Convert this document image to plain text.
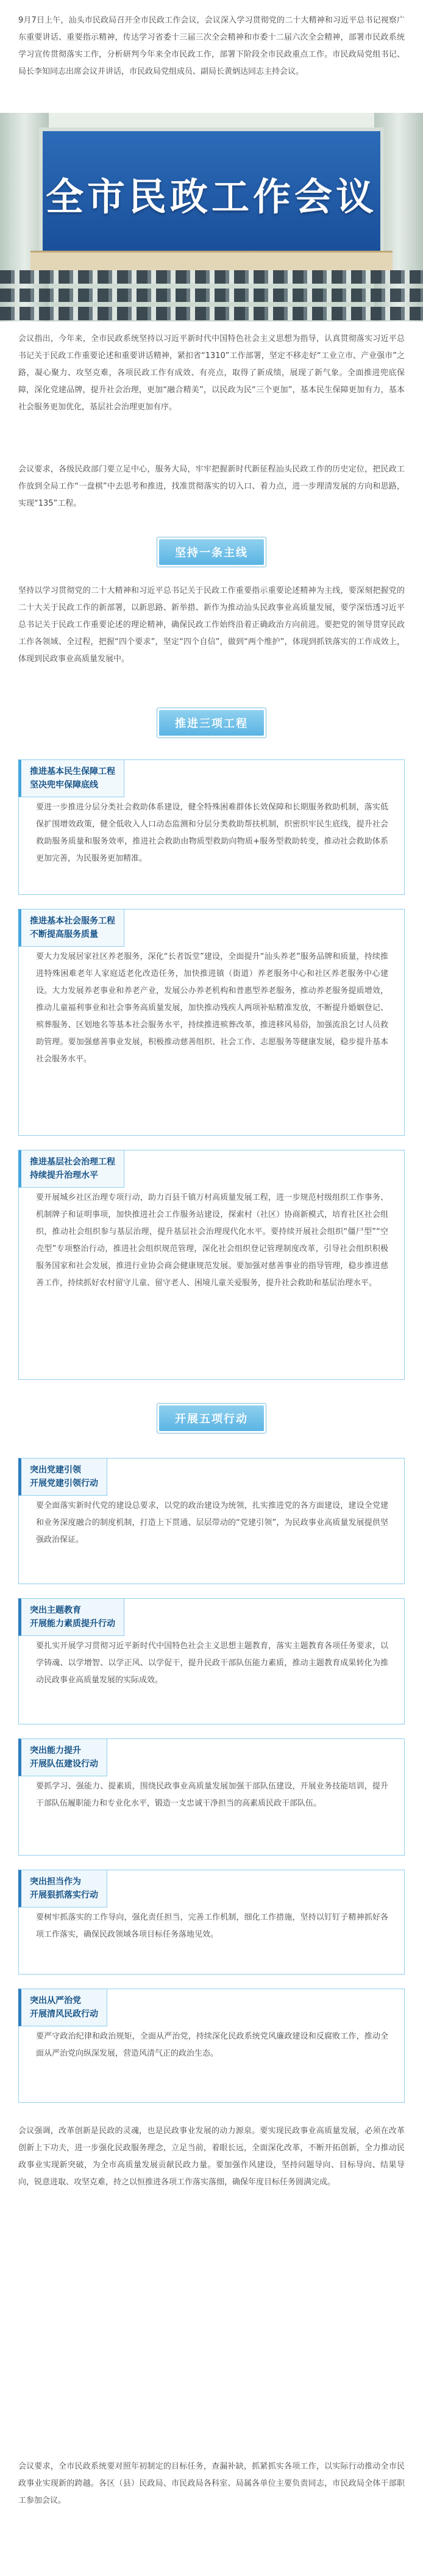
9月7日上午，汕头市民政局召开全市民政工作会议，会议深入学习贯彻党的二十大精神和习近平总书记视察广东重要讲话、重要指示精神，传达学习省委十三届三次全会精神和市委十二届六次全会精神，部署市民政系统学习宣传贯彻落实工作，分析研判今年来全市民政工作，部署下阶段全市民政重点工作。市民政局党组书记、局长李知同志出席会议并讲话，市民政局党组成员、副局长黄炳达同志主持会议。

全市民政工作会议

会议指出，今年来，全市民政系统坚持以习近平新时代中国特色社会主义思想为指导，认真贯彻落实习近平总书记关于民政工作重要论述和重要讲话精神，紧扣省“1310”工作部署，坚定不移走好“工业立市、产业强市”之路，凝心聚力、攻坚克难，各项民政工作有成效、有亮点，取得了新成绩，展现了新气象。全面推进兜底保障，深化党建品牌，提升社会治理，更加“融合精美”，以民政为民“三个更加”，基本民生保障更加有力，基本社会服务更加优化，基层社会治理更加有序。

会议要求，各级民政部门要立足中心，服务大局，牢牢把握新时代新征程汕头民政工作的历史定位，把民政工作放到全局工作“一盘棋”中去思考和推进，找准贯彻落实的切入口、着力点，进一步理清发展的方向和思路，实现“135”工程。

坚持一条主线

坚持以学习贯彻党的二十大精神和习近平总书记关于民政工作重要指示重要论述精神为主线，要深刻把握党的二十大关于民政工作的新部署，以新思路、新举措、新作为推动汕头民政事业高质量发展，要学深悟透习近平总书记关于民政工作重要论述的理论精神，确保民政工作始终沿着正确政治方向前进。要把党的领导贯穿民政工作各领域、全过程，把握“四个要求”，坚定“四个自信”，做到“两个维护”，体现到抓铁落实的工作成效上，体现到民政事业高质量发展中。

推进三项工程
推进基本民生保障工程
坚决兜牢保障底线

要进一步推进分层分类社会救助体系建设，健全特殊困难群体长效保障和长期服务救助机制，落实低保扩围增效政策，健全低收入人口动态监测和分层分类救助帮扶机制，织密织牢民生底线，提升社会救助服务质量和服务效率，推进社会救助由物质型救助向物质+服务型救助转变，推动社会救助体系更加完善，为民服务更加精准。

推进基本社会服务工程
不断提高服务质量

要大力发展居家社区养老服务，深化“长者饭堂”建设，全面提升“汕头养老”服务品牌和质量，持续推进特殊困难老年人家庭适老化改造任务，加快推进镇（街道）养老服务中心和社区养老服务中心建设。大力发展养老事业和养老产业，发展公办养老机构和普惠型养老服务，推动养老服务提质增效，推动儿童福利事业和社会事务高质量发展，加快推动残疾人两项补贴精准发放，不断提升婚姻登记、殡葬服务、区划地名等基本社会服务水平，持续推进殡葬改革，推进移风易俗，加强流浪乞讨人员救助管理。要加强慈善事业发展，积极推动慈善组织、社会工作、志愿服务等健康发展，稳步提升基本社会服务水平。

推进基层社会治理工程
持续提升治理水平

要开展城乡社区治理专项行动，助力百县千镇万村高质量发展工程，进一步规范村级组织工作事务、机制牌子和证明事项，加快推进社会工作服务站建设，探索村（社区）协商新模式，培育社区社会组织，推动社会组织参与基层治理，提升基层社会治理现代化水平。要持续开展社会组织“僵尸型”“空壳型”专项整治行动，推进社会组织规范管理，深化社会组织登记管理制度改革，引导社会组织积极服务国家和社会发展，推进行业协会商会健康规范发展。要加强对慈善事业的指导管理，稳步推进慈善工作，持续抓好农村留守儿童、留守老人、困境儿童关爱服务，提升社会救助和基层治理水平。

开展五项行动
突出党建引领
开展党建引领行动

要全面落实新时代党的建设总要求，以党的政治建设为统领，扎实推进党的各方面建设，建设全党建和业务深度融合的制度机制，打造上下贯通、层层带动的“党建引领”，为民政事业高质量发展提供坚强政治保证。

突出主题教育
开展能力素质提升行动

要扎实开展学习贯彻习近平新时代中国特色社会主义思想主题教育，落实主题教育各项任务要求，以学铸魂、以学增智、以学正风、以学促干，提升民政干部队伍能力素质，推动主题教育成果转化为推动民政事业高质量发展的实际成效。

突出能力提升
开展队伍建设行动

要抓学习、强能力、提素质，围绕民政事业高质量发展加强干部队伍建设，开展业务技能培训，提升干部队伍履职能力和专业化水平，锻造一支忠诚干净担当的高素质民政干部队伍。

突出担当作为
开展狠抓落实行动

要树牢抓落实的工作导向，强化责任担当，完善工作机制，细化工作措施，坚持以钉钉子精神抓好各项工作落实，确保民政领域各项目标任务落地见效。

突出从严治党
开展清风民政行动

要严守政治纪律和政治规矩，全面从严治党，持续深化民政系统党风廉政建设和反腐败工作，推动全面从严治党向纵深发展，营造风清气正的政治生态。

会议强调，改革创新是民政的灵魂，也是民政事业发展的动力源泉。要实现民政事业高质量发展，必须在改革创新上下功夫，进一步强化民政服务理念，立足当前，着眼长远，全面深化改革，不断开拓创新，全力推动民政事业实现新突破，为全市高质量发展贡献民政力量。要加强作风建设，坚持问题导向、目标导向、结果导向，锐意进取、攻坚克难，持之以恒推进各项工作落实落细，确保年度目标任务圆满完成。

会议要求，全市民政系统要对照年初制定的目标任务，查漏补缺，抓紧抓实各项工作，以实际行动推动全市民政事业实现新的跨越。各区（县）民政局、市民政局各科室、局属各单位主要负责同志，市民政局全体干部职工参加会议。
